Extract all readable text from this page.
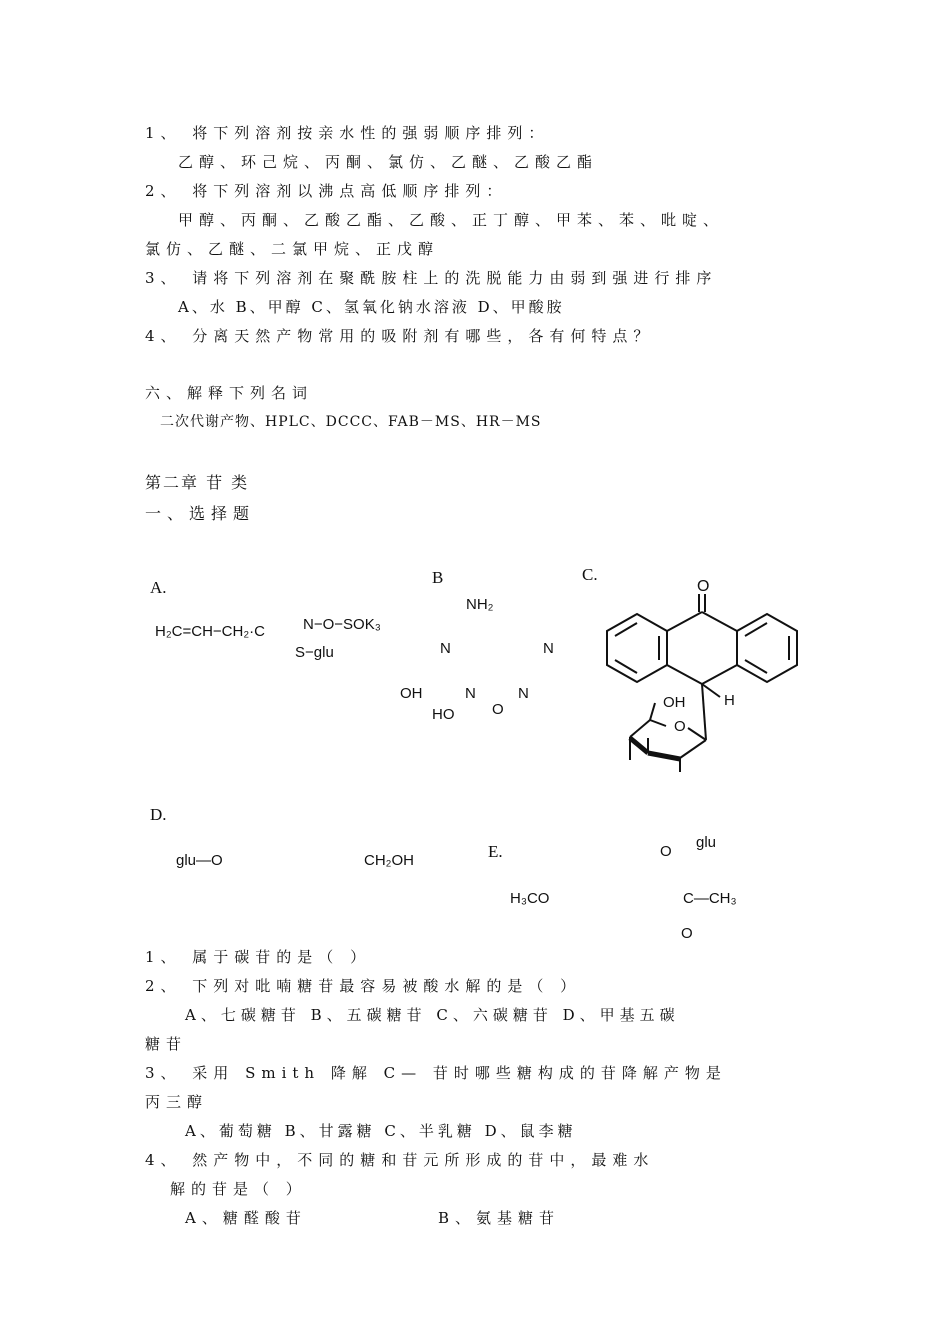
1、 将下列溶剂按亲水性的强弱顺序排列：
乙醇、环己烷、丙酮、氯仿、乙醚、乙酸乙酯
2、 将下列溶剂以沸点高低顺序排列：
甲醇、丙酮、乙酸乙酯、乙酸、正丁醇、甲苯、苯、吡啶、
氯仿、乙醚、二氯甲烷、正戊醇
3、 请将下列溶剂在聚酰胺柱上的洗脱能力由弱到强进行排序
A、水 B、甲醇 C、氢氧化钠水溶液 D、甲酸胺
4、 分离天然产物常用的吸附剂有哪些，各有何特点？
六、解释下列名词
二次代谢产物、HPLC、DCCC、FAB－MS、HR－MS
第二章 苷 类
一、选择题
A.
H₂C=CH−CH₂·C	N−O−SOK₃
S−glu
B
NH₂
N	N
OH	N	N
HO	O
C.
O
OH
O
H
D.
glu—O	CH₂OH	E.	O
glu
H₃CO	C—CH₃
O
1、 属于碳苷的是（ ）
2、 下列对吡喃糖苷最容易被酸水解的是（ ）
A、七碳糖苷 B、五碳糖苷 C、六碳糖苷 D、甲基五碳
糖苷
3、 采用 Smith 降解 C— 苷时哪些糖构成的苷降解产物是
丙三醇
A、葡萄糖 B、甘露糖 C、半乳糖 D、鼠李糖
4、 然产物中，不同的糖和苷元所形成的苷中，最难水
解的苷是（ ）
A、糖醛酸苷	B、氨基糖苷
